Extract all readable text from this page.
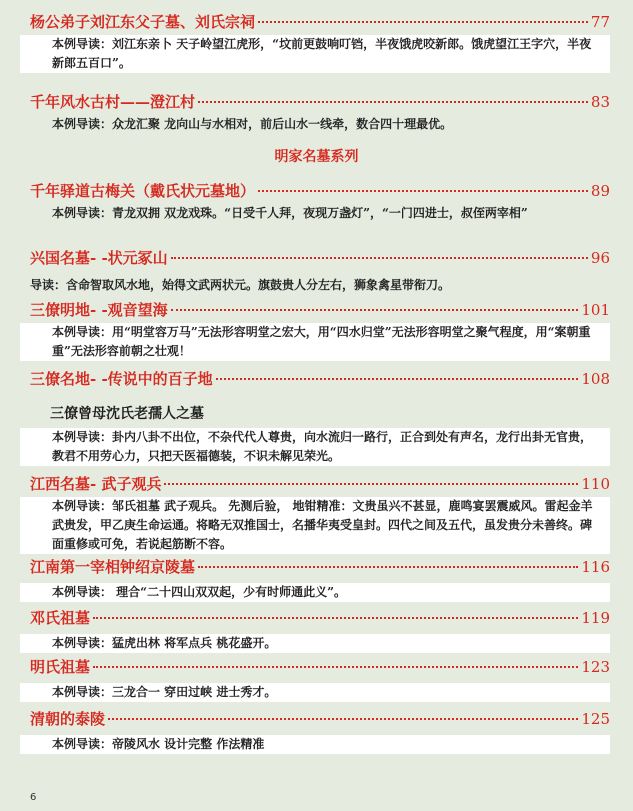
杨公弟子刘江东父子墓、刘氏宗祠	77
本例导读：刘江东亲卜 天子岭望江虎形，“坟前更鼓响叮铛，半夜饿虎咬新郎。饿虎望江王字穴，半夜新郎五百口”。
千年风水古村——澄江村	83
本例导读：众龙汇聚 龙向山与水相对，前后山水一线牵，数合四十理最优。
明家名墓系列
千年驿道古梅关（戴氏状元墓地）	89
本例导读：青龙双拥 双龙戏珠。“日受千人拜，夜现万盏灯”，“一门四进士，叔侄两宰相”
兴国名墓- -状元冢山	96
导读：含命智取风水地，始得文武两状元。旗鼓贵人分左右，狮象禽星带衔刀。
三僚明地- -观音望海	101
本例导读：用“明堂容万马”无法形容明堂之宏大，用“四水归堂”无法形容明堂之聚气程度，用“案朝重重”无法形容前朝之壮观！
三僚名地- -传说中的百子地	108
三僚曾母沈氏老孺人之墓
本例导读：卦内八卦不出位，不杂代代人尊贵，向水流归一路行，正合到处有声名，龙行出卦无官贵，教君不用劳心力，只把天医福德装，不识未解见荣光。
江西名墓- 武子观兵	110
本例导读：邹氏祖墓 武子观兵。 先测后验， 地钳精准：文贵虽兴不甚显，鹿鸣宴罢震威风。雷起金羊武贵发，甲乙庚生命运通。将略无双推国士，名播华夷受皇封。四代之间及五代，虽发贵分未善终。碑面重修或可免，若说起筋断不容。
江南第一宰相钟绍京陵墓	116
本例导读： 理合“二十四山双双起，少有时师通此义”。
邓氏祖墓	119
本例导读：猛虎出林 将军点兵 桃花盛开。
明氏祖墓	123
本例导读：三龙合一 穿田过峡 进士秀才。
清朝的泰陵	125
本例导读：帝陵风水 设计完整 作法精准
6
